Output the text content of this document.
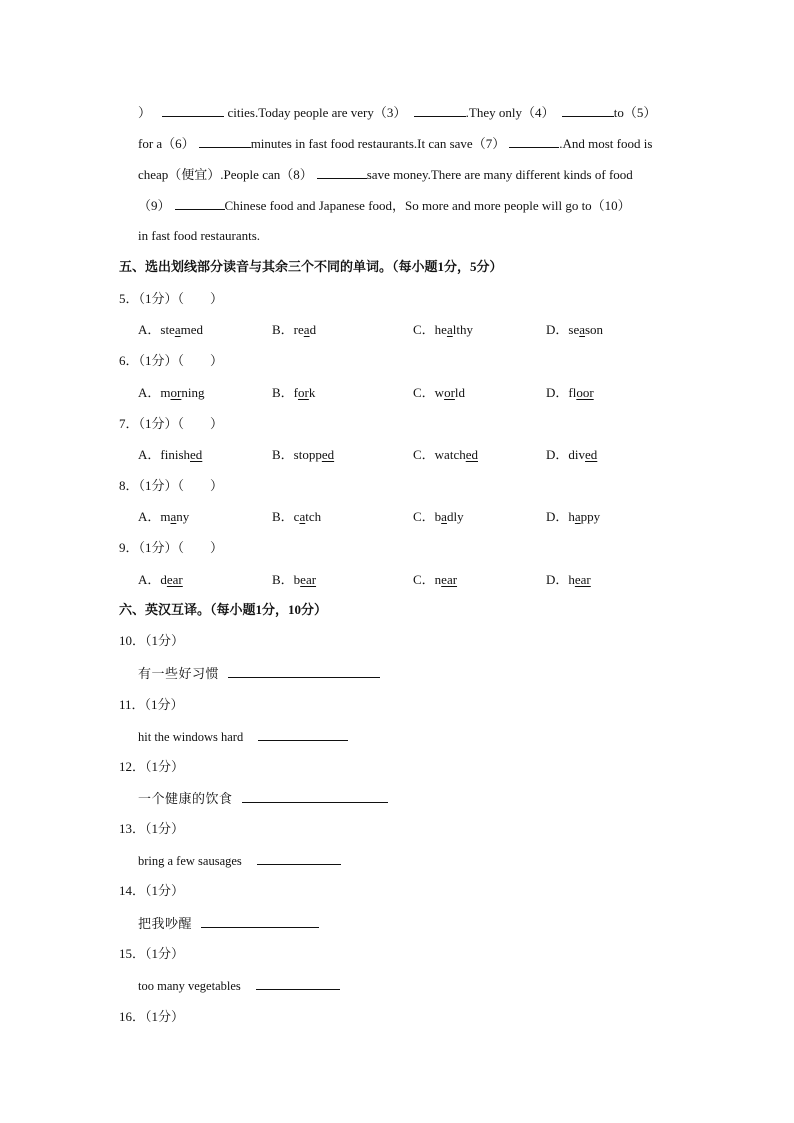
）	cities.Today people are very（3）	.They only（4）	to（5）
for a（6）	minutes in fast food restaurants.It can save（7）	.And most food is
cheap（便宜）.People can（8）	save money.There are many different kinds of food
（9）	Chinese food and Japanese food，So more and more people will go to（10）
in fast food restaurants.
五、选出划线部分读音与其余三个不同的单词。（每小题1分，5分）
5．（1分）（　　）
A．steamed	B．read	C．healthy	D．season
6．（1分）（　　）
A．morning	B．fork	C．world	D．floor
7．（1分）（　　）
A．finished	B．stopped	C．watched	D．dived
8．（1分）（　　）
A．many	B．catch	C．badly	D．happy
9．（1分）（　　）
A．dear	B．bear	C．near	D．hear
六、英汉互译。（每小题1分，10分）
10．（1分）
有一些好习惯
11．（1分）
hit the windows hard
12．（1分）
一个健康的饮食
13．（1分）
bring a few sausages
14．（1分）
把我吵醒
15．（1分）
too many vegetables
16．（1分）
